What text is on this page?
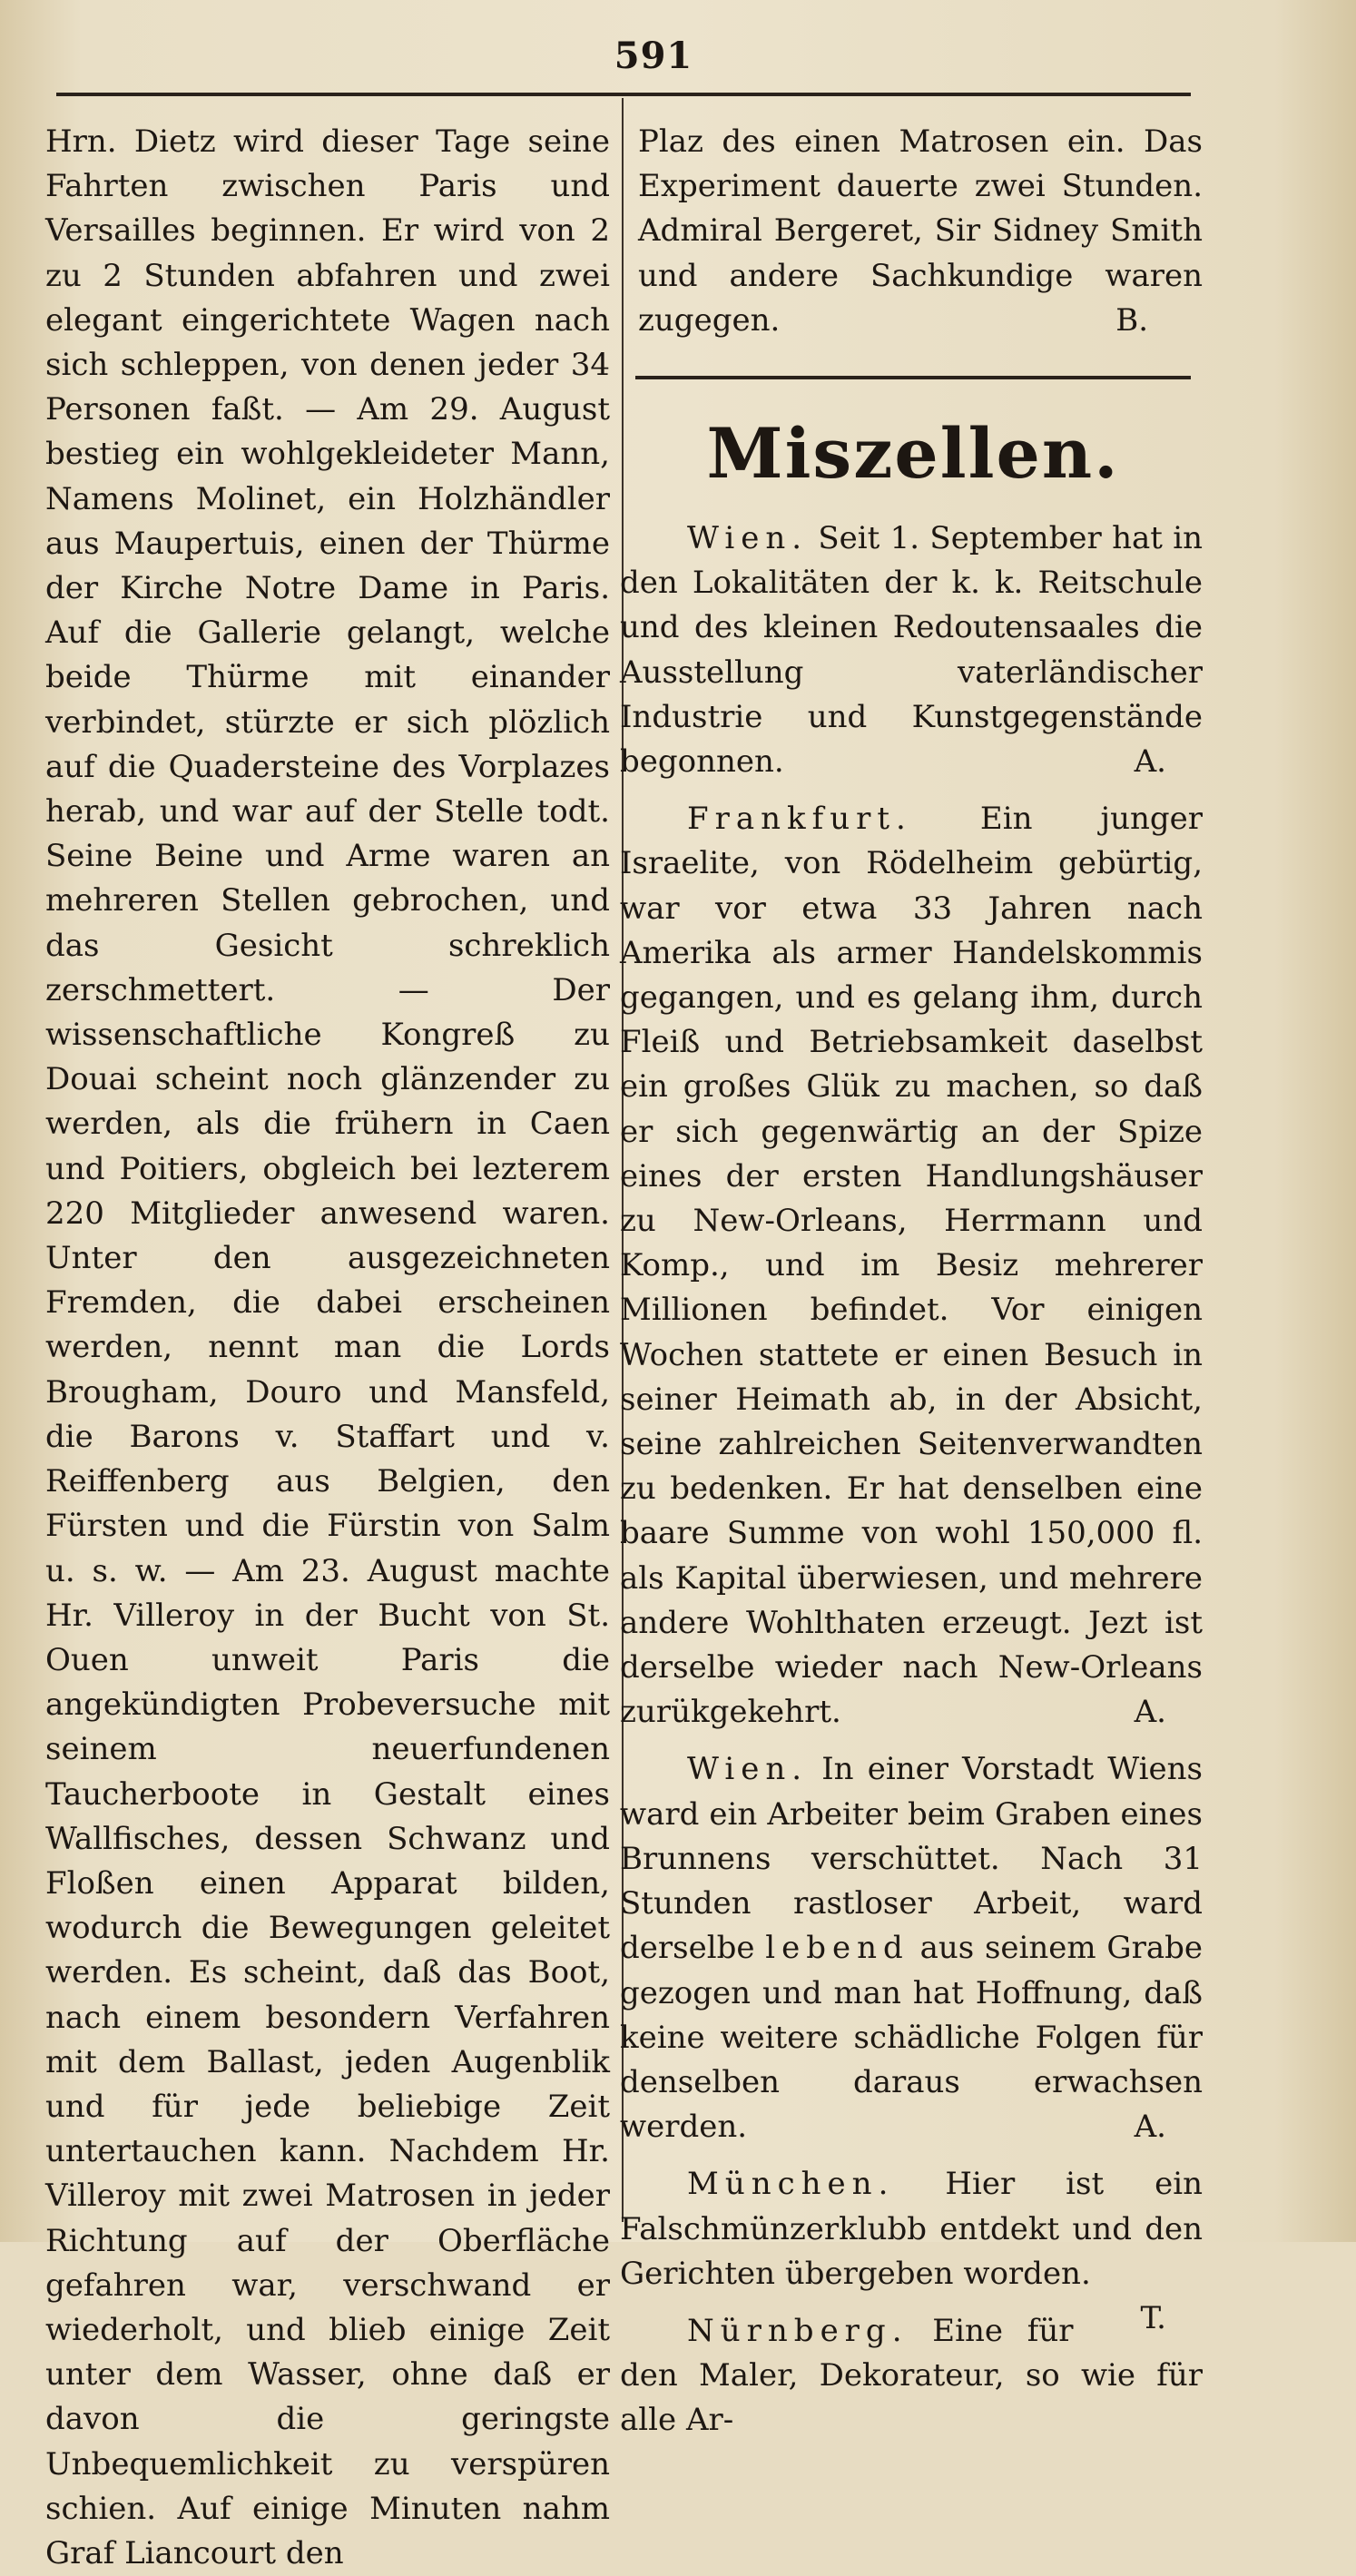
591

Hrn. Dietz wird dieser Tage seine Fahrten zwischen Paris und Versailles beginnen. Er wird von 2 zu 2 Stunden abfahren und zwei elegant eingerichtete Wagen nach sich schleppen, von denen jeder 34 Personen faßt. — Am 29. August bestieg ein wohlgekleideter Mann, Namens Molinet, ein Holzhändler aus Maupertuis, einen der Thürme der Kirche Notre Dame in Paris. Auf die Gallerie gelangt, welche beide Thürme mit einander verbindet, stürzte er sich plözlich auf die Quadersteine des Vorplazes herab, und war auf der Stelle todt. Seine Beine und Arme waren an mehreren Stellen gebrochen, und das Gesicht schreklich zerschmettert. — Der wissenschaftliche Kongreß zu Douai scheint noch glänzender zu werden, als die frühern in Caen und Poitiers, obgleich bei lezterem 220 Mitglieder anwesend waren. Unter den ausgezeichneten Fremden, die dabei erscheinen werden, nennt man die Lords Brougham, Douro und Mansfeld, die Barons v. Staffart und v. Reiffenberg aus Belgien, den Fürsten und die Fürstin von Salm u. s. w. — Am 23. August machte Hr. Villeroy in der Bucht von St. Ouen unweit Paris die angekündigten Probeversuche mit seinem neuerfundenen Taucherboote in Gestalt eines Wallfisches, dessen Schwanz und Floßen einen Apparat bilden, wodurch die Bewegungen geleitet werden. Es scheint, daß das Boot, nach einem besondern Verfahren mit dem Ballast, jeden Augenblik und für jede beliebige Zeit untertauchen kann. Nachdem Hr. Villeroy mit zwei Matrosen in jeder Richtung auf der Oberfläche gefahren war, verschwand er wiederholt, und blieb einige Zeit unter dem Wasser, ohne daß er davon die geringste Unbequemlichkeit zu verspüren schien. Auf einige Minuten nahm Graf Liancourt den

Plaz des einen Matrosen ein. Das Experiment dauerte zwei Stunden. Admiral Bergeret, Sir Sidney Smith und andere Sachkundige waren zugegen.	B.

Miszellen.

Wien. Seit 1. September hat in den Lokalitäten der k. k. Reitschule und des kleinen Redoutensaales die Ausstellung vaterländischer Industrie und Kunstgegenstände begonnen.	A.

Frankfurt. Ein junger Israelite, von Rödelheim gebürtig, war vor etwa 33 Jahren nach Amerika als armer Handelskommis gegangen, und es gelang ihm, durch Fleiß und Betriebsamkeit daselbst ein großes Glük zu machen, so daß er sich gegenwärtig an der Spize eines der ersten Handlungshäuser zu New-Orleans, Herrmann und Komp., und im Besiz mehrerer Millionen befindet. Vor einigen Wochen stattete er einen Besuch in seiner Heimath ab, in der Absicht, seine zahlreichen Seitenverwandten zu bedenken. Er hat denselben eine baare Summe von wohl 150,000 fl. als Kapital überwiesen, und mehrere andere Wohlthaten erzeugt. Jezt ist derselbe wieder nach New-Orleans zurükgekehrt.	A.

Wien. In einer Vorstadt Wiens ward ein Arbeiter beim Graben eines Brunnens verschüttet. Nach 31 Stunden rastloser Arbeit, ward derselbe lebend aus seinem Grabe gezogen und man hat Hoffnung, daß keine weitere schädliche Folgen für denselben daraus erwachsen werden.	A.

München. Hier ist ein Falschmünzerklubb entdekt und den Gerichten übergeben worden.
T.

Nürnberg. Eine für den Maler, Dekorateur, so wie für alle Ar-
